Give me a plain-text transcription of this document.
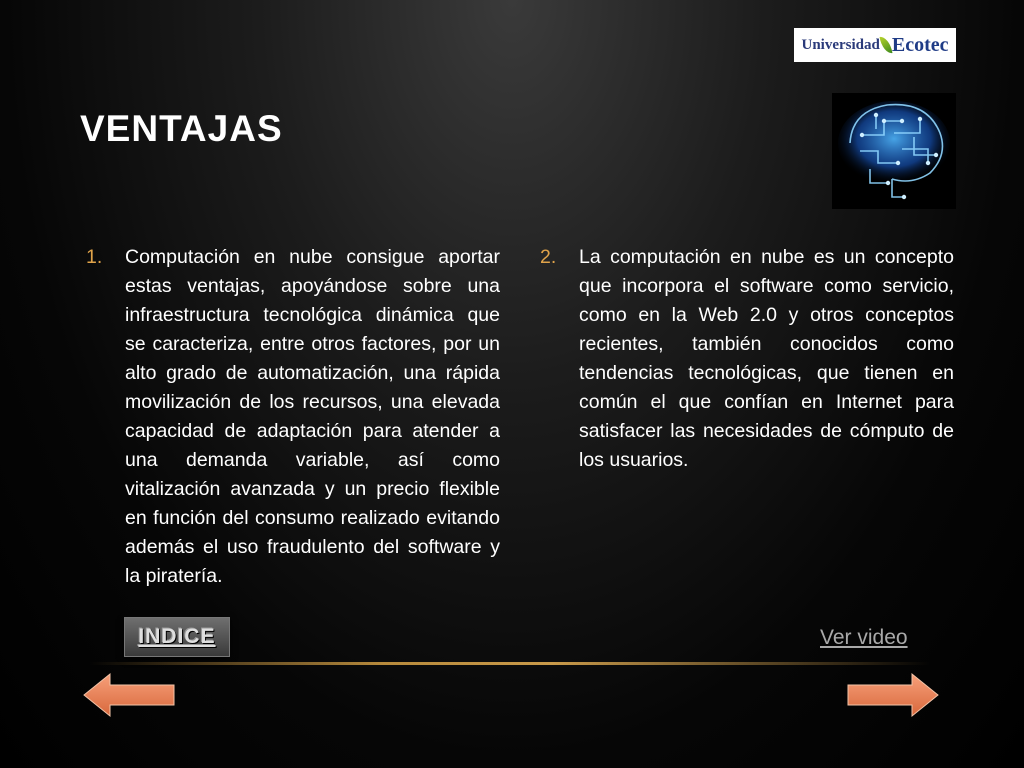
Universidad Ecotec
VENTAJAS
1. Computación en nube consigue aportar estas ventajas, apoyándose sobre una infraestructura tecnológica dinámica que se caracteriza, entre otros factores, por un alto grado de automatización, una rápida movilización de los recursos, una elevada capacidad de adaptación para atender a una demanda variable, así como vitalización avanzada y un precio flexible en función del consumo realizado evitando además el uso fraudulento del software y la piratería.
2. La computación en nube es un concepto que incorpora el software como servicio, como en la Web 2.0 y otros conceptos recientes, también conocidos como tendencias tecnológicas, que tienen en común el que confían en Internet para satisfacer las necesidades de cómputo de los usuarios.
INDICE	Ver video
